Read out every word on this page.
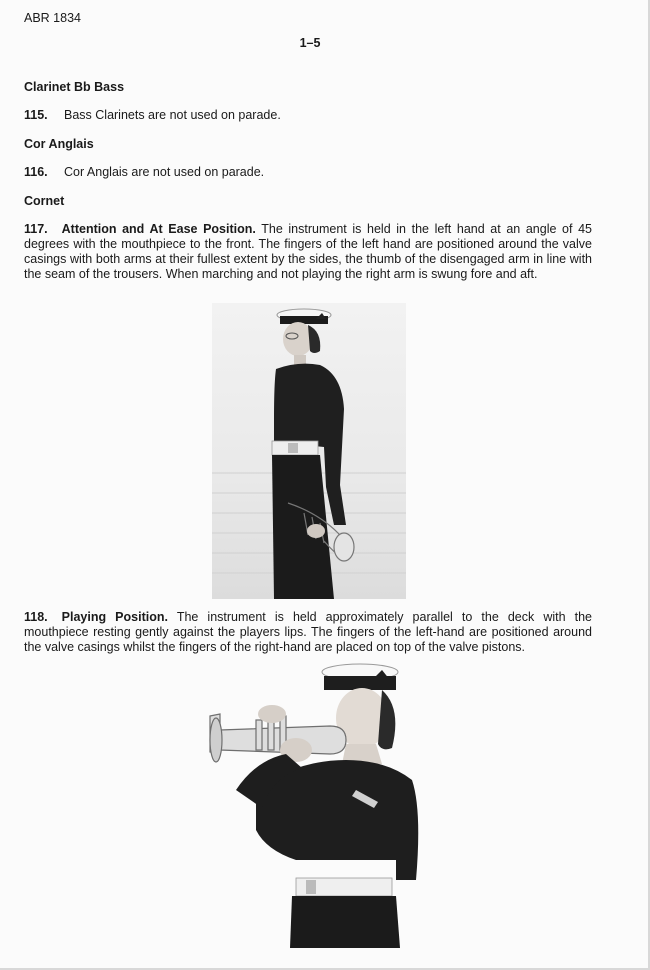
ABR 1834
1–5
Clarinet Bb Bass
115. Bass Clarinets are not used on parade.
Cor Anglais
116. Cor Anglais are not used on parade.
Cornet
117. Attention and At Ease Position. The instrument is held in the left hand at an angle of 45 degrees with the mouthpiece to the front. The fingers of the left hand are positioned around the valve casings with both arms at their fullest extent by the sides, the thumb of the disengaged arm in line with the seam of the trousers. When marching and not playing the right arm is swung fore and aft.
118. Playing Position. The instrument is held approximately parallel to the deck with the mouthpiece resting gently against the players lips. The fingers of the left-hand are positioned around the valve casings whilst the fingers of the right-hand are placed on top of the valve pistons.
